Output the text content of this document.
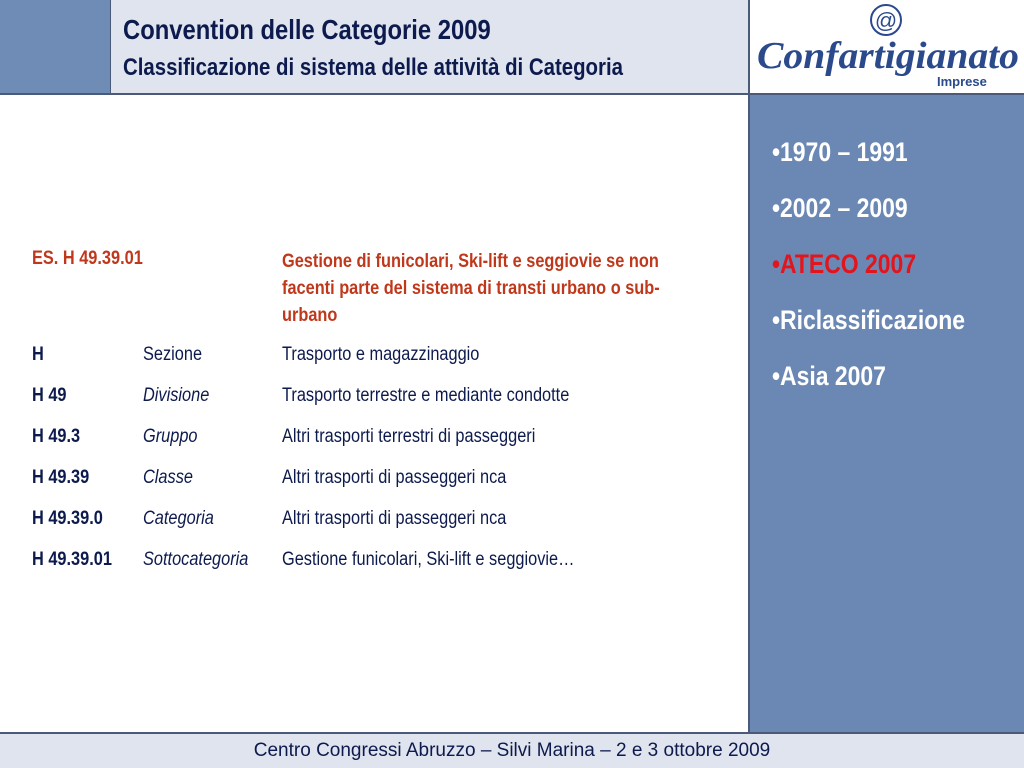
Convention delle Categorie 2009
Classificazione di sistema delle attività di Categoria
@
Confartigianato
Imprese
•1970 – 1991
•2002 – 2009
•ATECO 2007
•Riclassificazione
•Asia 2007
ES. H 49.39.01	Gestione di funicolari, Ski-lift e seggiovie se non facenti parte del sistema di transti urbano o sub-urbano
H	Sezione	Trasporto e magazzinaggio
H 49	Divisione	Trasporto terrestre e mediante condotte
H 49.3	Gruppo	Altri trasporti terrestri di passeggeri
H 49.39	Classe	Altri trasporti di passeggeri nca
H 49.39.0 Categoria	Altri trasporti di passeggeri nca
H 49.39.01 Sottocategoria Gestione funicolari, Ski-lift e seggiovie…
Centro Congressi Abruzzo – Silvi Marina – 2 e 3 ottobre 2009
